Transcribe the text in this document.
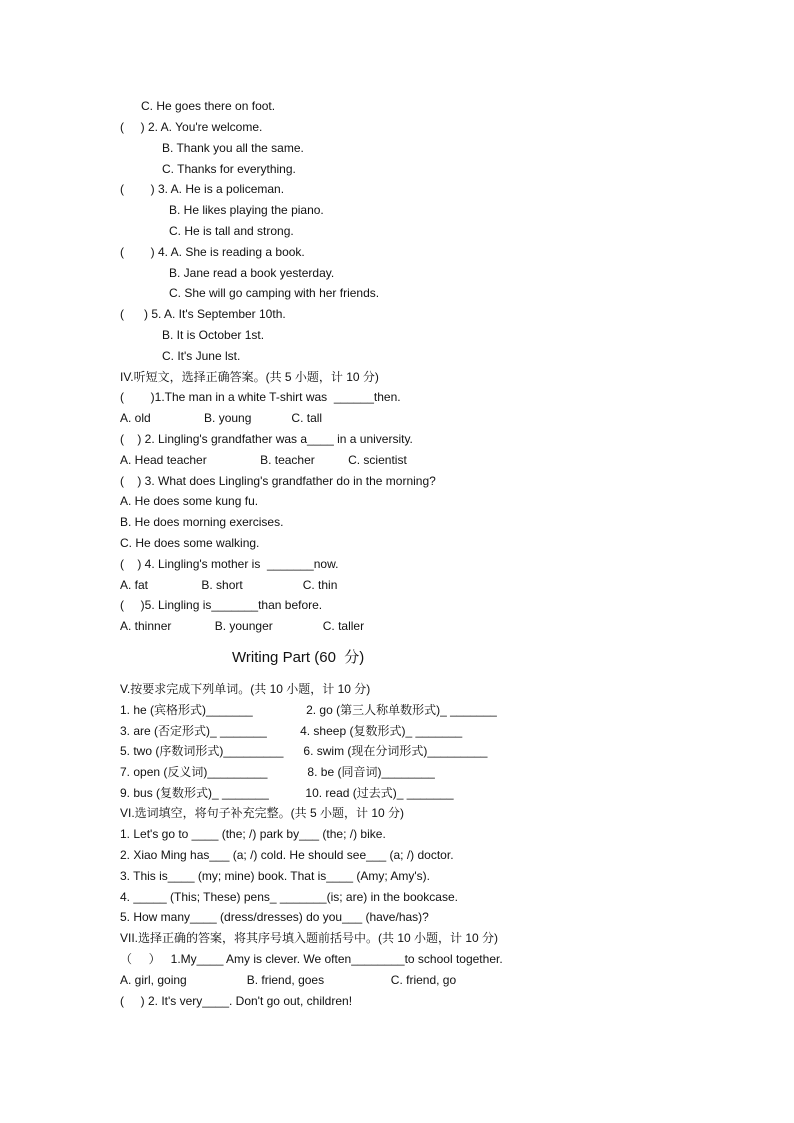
C. He goes there on foot.
(     ) 2. A. You're welcome.
B. Thank you all the same.
C. Thanks for everything.
(        ) 3. A. He is a policeman.
B. He likes playing the piano.
C. He is tall and strong.
(        ) 4. A. She is reading a book.
B. Jane read a book yesterday.
C. She will go camping with her friends.
(      ) 5. A. It's September 10th.
B. It is October 1st.
C. It's June lst.
IV.听短文，选择正确答案。(共 5 小题，计 10 分)
(        )1.The man in a white T-shirt was  ______then.
A. old                B. young            C. tall
(    ) 2. Lingling's grandfather was a____ in a university.
A. Head teacher                B. teacher          C. scientist
(    ) 3. What does Lingling's grandfather do in the morning?
A. He does some kung fu.
B. He does morning exercises.
C. He does some walking.
(    ) 4. Lingling's mother is  _______now.
A. fat                B. short                  C. thin
(     )5. Lingling is_______than before.
A. thinner             B. younger               C. taller
Writing Part (60  分)
V.按要求完成下列单词。(共 10 小题，计 10 分)
1. he (宾格形式)_______                2. go (第三人称单数形式)_ _______
3. are (否定形式)_ _______          4. sheep (复数形式)_ _______
5. two (序数词形式)_________      6. swim (现在分词形式)_________
7. open (反义词)_________            8. be (同音词)________
9. bus (复数形式)_ _______           10. read (过去式)_ _______
VI.选词填空，将句子补充完整。(共 5 小题，计 10 分)
1. Let's go to ____ (the; /) park by___ (the; /) bike.
2. Xiao Ming has___ (a; /) cold. He should see___ (a; /) doctor.
3. This is____ (my; mine) book. That is____ (Amy; Amy's).
4. _____ (This; These) pens_ _______(is; are) in the bookcase.
5. How many____ (dress/dresses) do you___ (have/has)?
VII.选择正确的答案，将其序号填入题前括号中。(共 10 小题，计 10 分)
（     ）   1.My____ Amy is clever. We often________to school together.
A. girl, going                  B. friend, goes                    C. friend, go
(     ) 2. It's very____. Don't go out, children!
